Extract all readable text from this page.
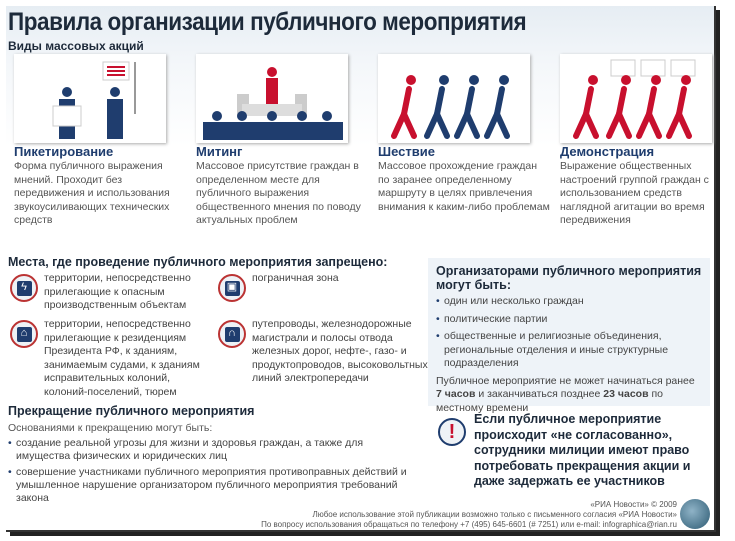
Правила организации публичного мероприятия
Виды массовых акций
Пикетирование

Форма публичного выражения мнений. Проходит без передвижения и использования звукоусиливающих технических средств

Митинг

Массовое присутствие граждан в определенном месте для публичного выражения общественного мнения по поводу актуальных проблем

Шествие

Массовое прохождение граждан по заранее определенному маршруту в целях привлечения внимания к каким-либо проблемам

Демонстрация

Выражение общественных настроений группой граждан с использованием средств наглядной агитации во время передвижения

Места, где проведение публичного мероприятия запрещено:
ϟ
территории, непосредственно прилегающие к опасным производственным объектам
▣
пограничная зона
⌂
территории, непосредственно прилегающие к резиденциям Президента РФ, к зданиям, занимаемым судами, к зданиям исправительных колоний, колоний-поселений, тюрем
∩
путепроводы, железнодорожные магистрали и полосы отвода железных дорог, нефте-, газо- и продуктопроводов, высоковольтных линий электропередачи
Организаторами публичного мероприятия могут быть:
• один или несколько граждан
• политические партии
• общественные и религиозные объединения, региональные отделения и иные структурные подразделения

Публичное мероприятие не может начинаться ранее 7 часов и заканчиваться позднее 23 часов по местному времени

Прекращение публичного мероприятия

Основаниями к прекращению могут быть:

• создание реальной угрозы для жизни и здоровья граждан, а также для имущества физических и юридических лиц
• совершение участниками публичного мероприятия противоправных действий и умышленное нарушение организатором публичного мероприятия требований закона
!
Если публичное мероприятие происходит «не согласованно», сотрудники милиции имеют право потребовать прекращения акции и даже задержать ее участников
«РИА Новости» © 2009
Любое использование этой публикации возможно только с письменного согласия «РИА Новости»
По вопросу использования обращаться по телефону +7 (495) 645-6601 (# 7251) или e-mail: infographica@rian.ru
